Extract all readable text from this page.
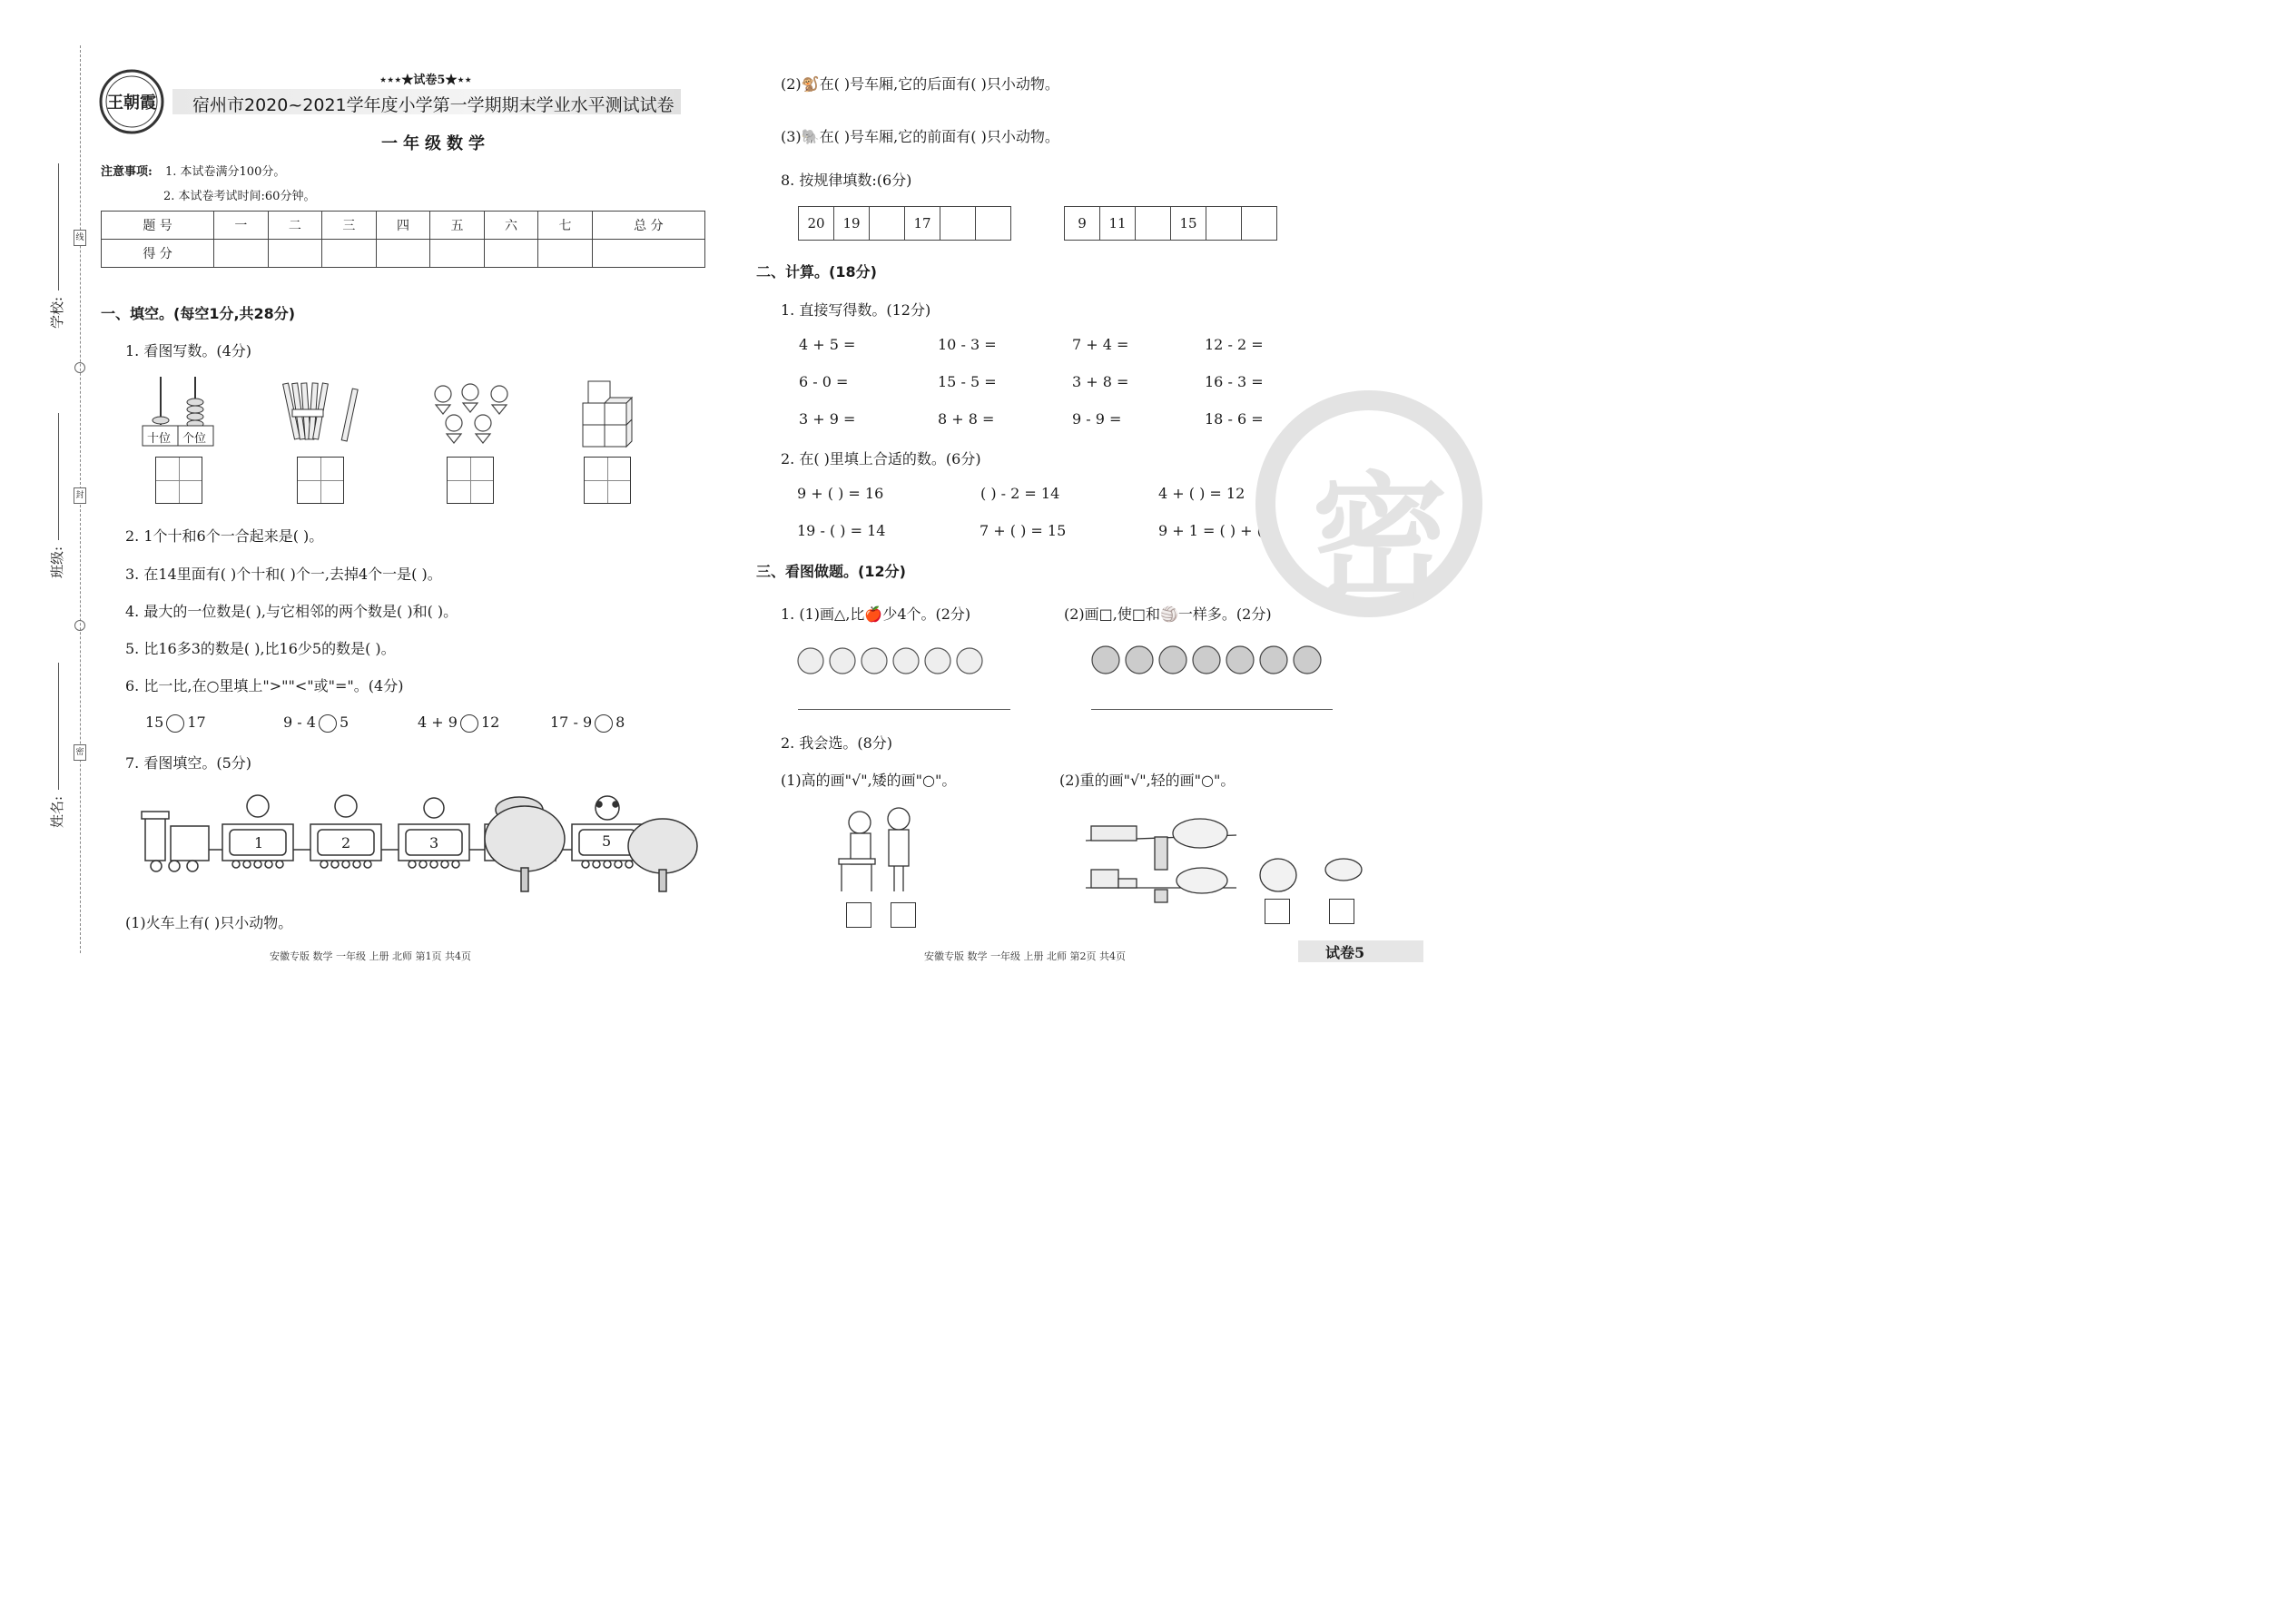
学校:
班级:
姓名:
线
封
密
王朝霞
⋆⋆⋆★试卷5★⋆⋆
宿州市2020~2021学年度小学第一学期期末学业水平测试试卷
一年级数学
注意事项: 1. 本试卷满分100分。
2. 本试卷考试时间:60分钟。
题 号	一	二	三	四	五	六	七	总 分
得 分								
一、填空。(每空1分,共28分)
1. 看图写数。(4分)
十位 个位
2. 1个十和6个一合起来是( )。
3. 在14里面有( )个十和( )个一,去掉4个一是( )。
4. 最大的一位数是( ),与它相邻的两个数是( )和( )。
5. 比16多3的数是( ),比16少5的数是( )。
6. 比一比,在○里填上">""<"或"="。(4分)
15 17	9 - 4 5	4 + 9 12	17 - 9 8
7. 看图填空。(5分)
1	2	3	5
(1)火车上有( )只小动物。
安徽专版 数学 一年级 上册 北师 第1页 共4页
(2)🐒在( )号车厢,它的后面有( )只小动物。
(3)🐘在( )号车厢,它的前面有( )只小动物。
8. 按规律填数:(6分)
20	19		17			9	11		15		
二、计算。(18分)
1. 直接写得数。(12分)
4 + 5 =	10 - 3 =	7 + 4 =	12 - 2 =
6 - 0 =	15 - 5 =	3 + 8 =	16 - 3 =
3 + 9 =	8 + 8 =	9 - 9 =	18 - 6 =
2. 在( )里填上合适的数。(6分)
9 + ( ) = 16	( ) - 2 = 14	4 + ( ) = 12
19 - ( ) = 14	7 + ( ) = 15	9 + 1 = ( ) + ( ) 密
三、看图做题。(12分)
1. (1)画△,比🍎少4个。(2分)	(2)画□,使□和🏐一样多。(2分)
2. 我会选。(8分)
(1)高的画"√",矮的画"○"。	(2)重的画"√",轻的画"○"。
安徽专版 数学 一年级 上册 北师 第2页 共4页	试卷5
